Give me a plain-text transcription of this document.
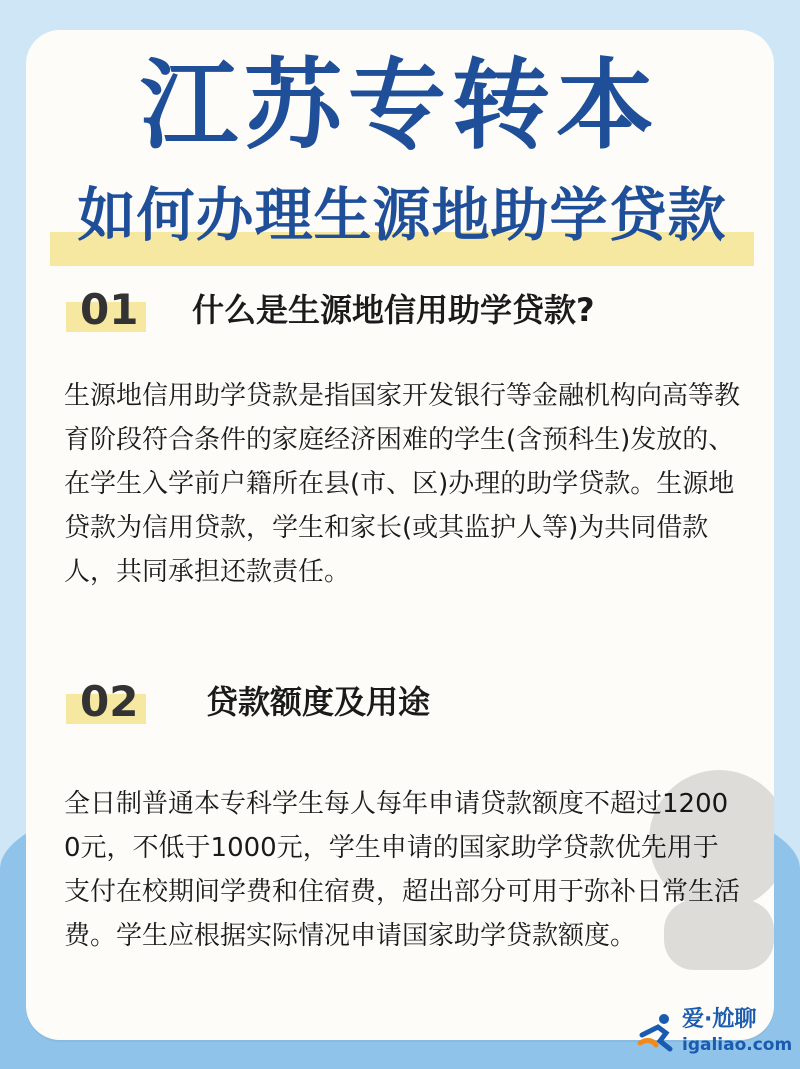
江苏专转本
如何办理生源地助学贷款
01 什么是生源地信用助学贷款?
生源地信用助学贷款是指国家开发银行等金融机构向高等教育阶段符合条件的家庭经济困难的学生(含预科生)发放的、在学生入学前户籍所在县(市、区)办理的助学贷款。生源地贷款为信用贷款，学生和家长(或其监护人等)为共同借款人，共同承担还款责任。
02 贷款额度及用途
全日制普通本专科学生每人每年申请贷款额度不超过12000元，不低于1000元，学生申请的国家助学贷款优先用于支付在校期间学费和住宿费，超出部分可用于弥补日常生活费。学生应根据实际情况申请国家助学贷款额度。
爱·尬聊
igaliao.com
